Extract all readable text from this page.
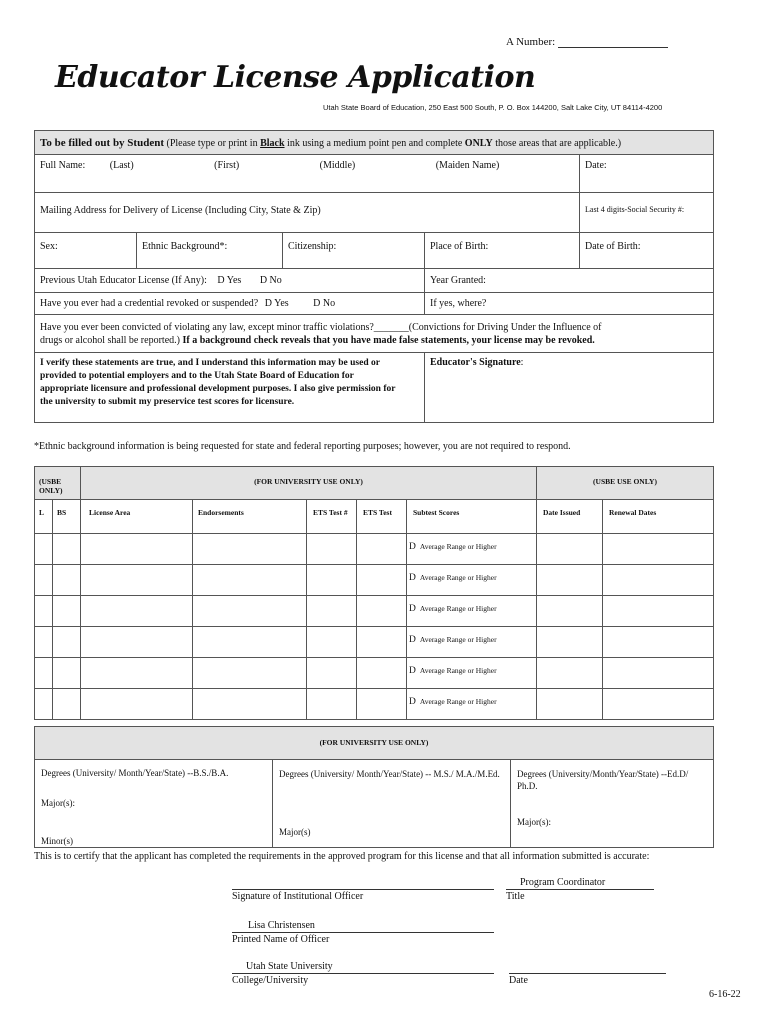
A Number:
Educator License Application
Utah State Board of Education, 250 East 500 South, P. O. Box 144200, Salt Lake City, UT 84114-4200
To be filled out by Student (Please type or print in Black ink using a medium point pen and complete ONLY those areas that are applicable.)				
Full Name: (Last) (First) (Middle) (Maiden Name)				Date:
Mailing Address for Delivery of License (Including City, State & Zip)				Last 4 digits-Social Security #:
Sex:	Ethnic Background*:	Citizenship:	Place of Birth:	Date of Birth:
Previous Utah Educator License (If Any): D Yes D No			Year Granted:	
Have you ever had a credential revoked or suspended? D Yes D No			If yes, where?	

Have you ever been convicted of violating any law, except minor traffic violations?_______(Convictions for Driving Under the Influence of
drugs or alcohol shall be reported.) If a background check reveals that you have made false statements, your license may be revoked.				

I verify these statements are true, and I understand this information may be used or provided to potential employers and to the Utah State Board of Education for appropriate licensure and professional development purposes. I also give permission for the university to submit my preservice test scores for licensure.			Educator's Signature:	
*Ethnic background information is being requested for state and federal reporting purposes; however, you are not required to respond.
(USBE ONLY)		(FOR UNIVERSITY USE ONLY)					(USBE USE ONLY)	
L	BS	License Area	Endorsements	ETS Test #	ETS Test	Subtest Scores	Date Issued	Renewal Dates
						D Average Range or Higher		
						D Average Range or Higher		
						D Average Range or Higher		
						D Average Range or Higher		
						D Average Range or Higher		
						D Average Range or Higher		
(FOR UNIVERSITY USE ONLY)

Degrees (University/ Month/Year/State) --B.S./B.A.
Major(s):
Minor(s)

Degrees (University/ Month/Year/State) -- M.S./ M.A./M.Ed.
Major(s)

Degrees (University/Month/Year/State) --Ed.D/ Ph.D.
Major(s):
This is to certify that the applicant has completed the requirements in the approved program for this license and that all information submitted is accurate:
Signature of Institutional Officer
Program Coordinator
Title
Lisa Christensen
Printed Name of Officer
Utah State University
College/University	Date
6-16-22
